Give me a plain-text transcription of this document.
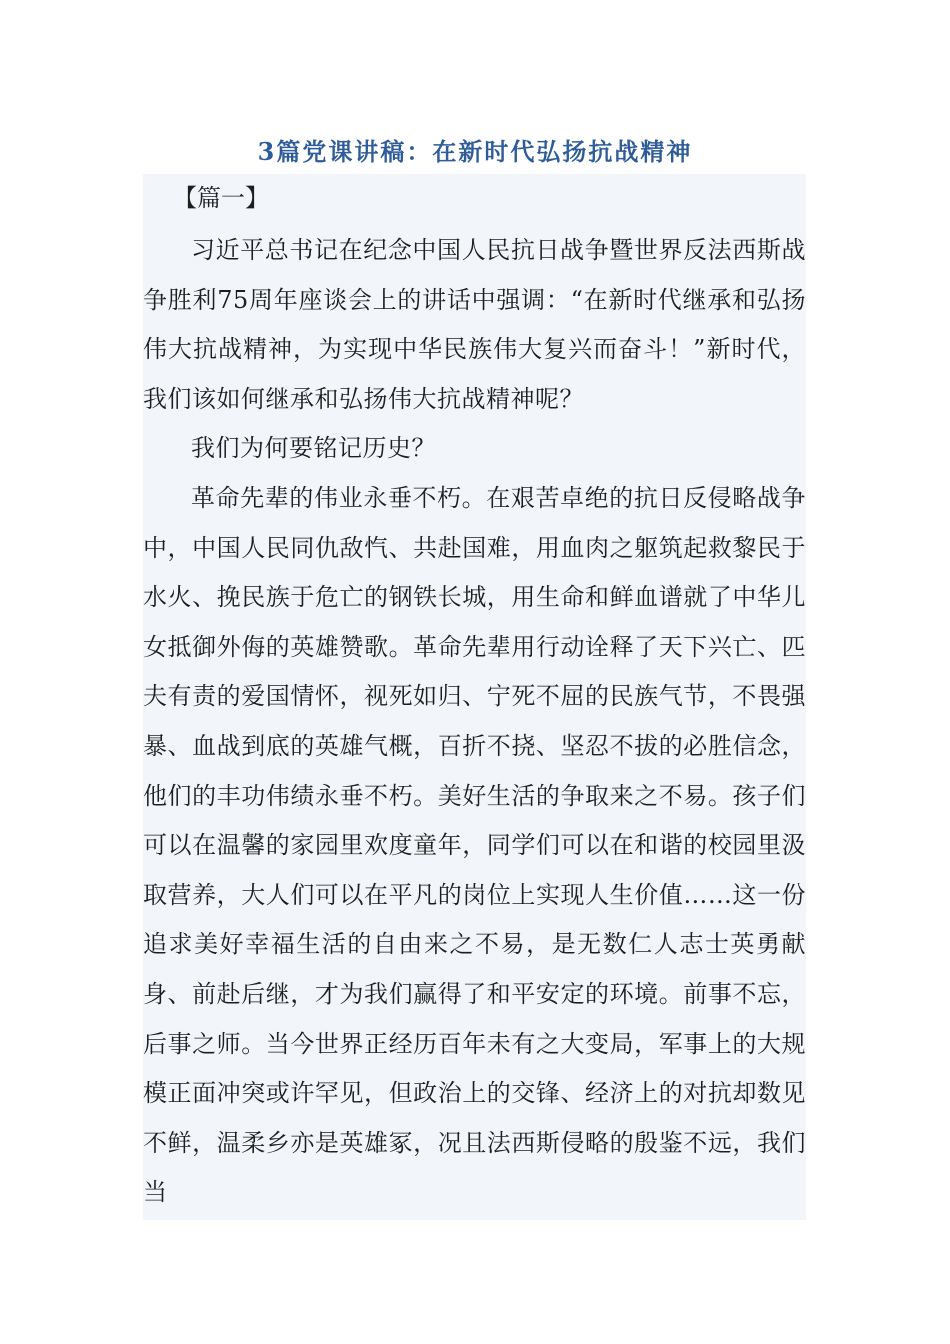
3篇党课讲稿：在新时代弘扬抗战精神

【篇一】

习近平总书记在纪念中国人民抗日战争暨世界反法西斯战争胜利75周年座谈会上的讲话中强调：“在新时代继承和弘扬伟大抗战精神，为实现中华民族伟大复兴而奋斗！”新时代，我们该如何继承和弘扬伟大抗战精神呢？

我们为何要铭记历史？

革命先辈的伟业永垂不朽。在艰苦卓绝的抗日反侵略战争中，中国人民同仇敌忾、共赴国难，用血肉之躯筑起救黎民于水火、挽民族于危亡的钢铁长城，用生命和鲜血谱就了中华儿女抵御外侮的英雄赞歌。革命先辈用行动诠释了天下兴亡、匹夫有责的爱国情怀，视死如归、宁死不屈的民族气节，不畏强暴、血战到底的英雄气概，百折不挠、坚忍不拔的必胜信念，他们的丰功伟绩永垂不朽。美好生活的争取来之不易。孩子们可以在温馨的家园里欢度童年，同学们可以在和谐的校园里汲取营养，大人们可以在平凡的岗位上实现人生价值……这一份追求美好幸福生活的自由来之不易，是无数仁人志士英勇献身、前赴后继，才为我们赢得了和平安定的环境。前事不忘，后事之师。当今世界正经历百年未有之大变局，军事上的大规模正面冲突或许罕见，但政治上的交锋、经济上的对抗却数见不鲜，温柔乡亦是英雄冢，况且法西斯侵略的殷鉴不远，我们当
